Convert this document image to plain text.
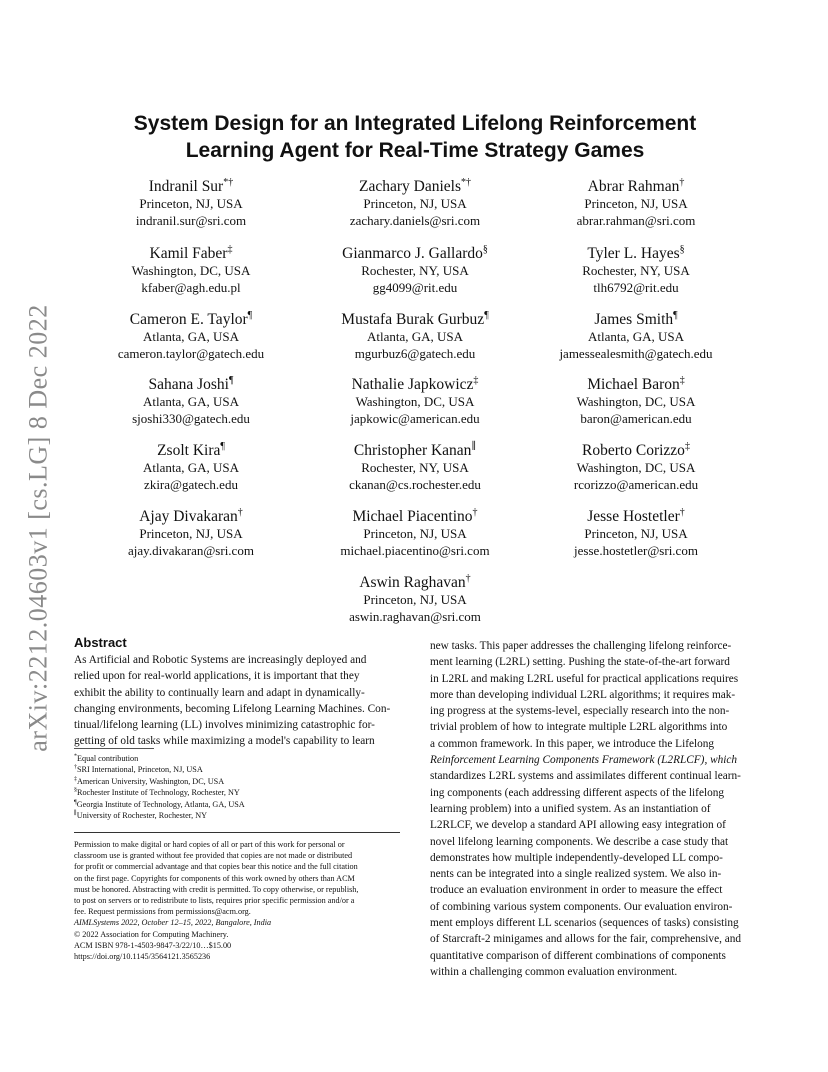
arXiv:2212.04603v1 [cs.LG] 8 Dec 2022
System Design for an Integrated Lifelong Reinforcement
Learning Agent for Real-Time Strategy Games
Indranil Sur*†
Princeton, NJ, USA
indranil.sur@sri.com
Zachary Daniels*†
Princeton, NJ, USA
zachary.daniels@sri.com
Abrar Rahman†
Princeton, NJ, USA
abrar.rahman@sri.com
Kamil Faber‡
Washington, DC, USA
kfaber@agh.edu.pl
Gianmarco J. Gallardo§
Rochester, NY, USA
gg4099@rit.edu
Tyler L. Hayes§
Rochester, NY, USA
tlh6792@rit.edu
Cameron E. Taylor¶
Atlanta, GA, USA
cameron.taylor@gatech.edu
Mustafa Burak Gurbuz¶
Atlanta, GA, USA
mgurbuz6@gatech.edu
James Smith¶
Atlanta, GA, USA
jamessealesmith@gatech.edu
Sahana Joshi¶
Atlanta, GA, USA
sjoshi330@gatech.edu
Nathalie Japkowicz‡
Washington, DC, USA
japkowic@american.edu
Michael Baron‡
Washington, DC, USA
baron@american.edu
Zsolt Kira¶
Atlanta, GA, USA
zkira@gatech.edu
Christopher Kanan∥
Rochester, NY, USA
ckanan@cs.rochester.edu
Roberto Corizzo‡
Washington, DC, USA
rcorizzo@american.edu
Ajay Divakaran†
Princeton, NJ, USA
ajay.divakaran@sri.com
Michael Piacentino†
Princeton, NJ, USA
michael.piacentino@sri.com
Jesse Hostetler†
Princeton, NJ, USA
jesse.hostetler@sri.com
Aswin Raghavan†
Princeton, NJ, USA
aswin.raghavan@sri.com
Abstract
As Artificial and Robotic Systems are increasingly deployed and
relied upon for real-world applications, it is important that they
exhibit the ability to continually learn and adapt in dynamically-
changing environments, becoming Lifelong Learning Machines. Con-
tinual/lifelong learning (LL) involves minimizing catastrophic for-
getting of old tasks while maximizing a model's capability to learn
*Equal contribution
†SRI International, Princeton, NJ, USA
‡American University, Washington, DC, USA
§Rochester Institute of Technology, Rochester, NY
¶Georgia Institute of Technology, Atlanta, GA, USA
∥University of Rochester, Rochester, NY
Permission to make digital or hard copies of all or part of this work for personal or
classroom use is granted without fee provided that copies are not made or distributed
for profit or commercial advantage and that copies bear this notice and the full citation
on the first page. Copyrights for components of this work owned by others than ACM
must be honored. Abstracting with credit is permitted. To copy otherwise, or republish,
to post on servers or to redistribute to lists, requires prior specific permission and/or a
fee. Request permissions from permissions@acm.org.
AIMLSystems 2022, October 12–15, 2022, Bangalore, India
© 2022 Association for Computing Machinery.
ACM ISBN 978-1-4503-9847-3/22/10…$15.00
https://doi.org/10.1145/3564121.3565236
new tasks. This paper addresses the challenging lifelong reinforce-
ment learning (L2RL) setting. Pushing the state-of-the-art forward
in L2RL and making L2RL useful for practical applications requires
more than developing individual L2RL algorithms; it requires mak-
ing progress at the systems-level, especially research into the non-
trivial problem of how to integrate multiple L2RL algorithms into
a common framework. In this paper, we introduce the Lifelong
Reinforcement Learning Components Framework (L2RLCF), which
standardizes L2RL systems and assimilates different continual learn-
ing components (each addressing different aspects of the lifelong
learning problem) into a unified system. As an instantiation of
L2RLCF, we develop a standard API allowing easy integration of
novel lifelong learning components. We describe a case study that
demonstrates how multiple independently-developed LL compo-
nents can be integrated into a single realized system. We also in-
troduce an evaluation environment in order to measure the effect
of combining various system components. Our evaluation environ-
ment employs different LL scenarios (sequences of tasks) consisting
of Starcraft-2 minigames and allows for the fair, comprehensive, and
quantitative comparison of different combinations of components
within a challenging common evaluation environment.
